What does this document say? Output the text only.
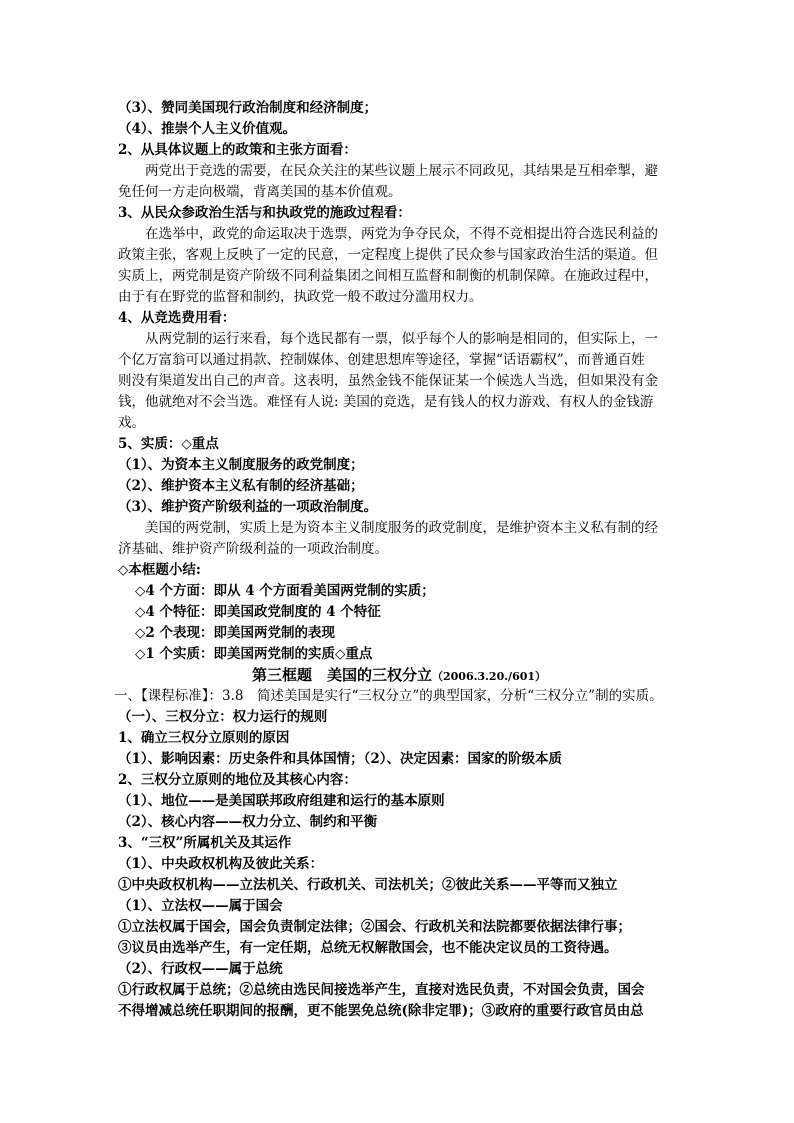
（3）、赞同美国现行政治制度和经济制度；
（4）、推崇个人主义价值观。
2、从具体议题上的政策和主张方面看：
两党出于竞选的需要，在民众关注的某些议题上展示不同政见，其结果是互相牵掣，避
免任何一方走向极端，背离美国的基本价值观。
3、从民众参政治生活与和执政党的施政过程看：
在选举中，政党的命运取决于选票，两党为争夺民众，不得不竞相提出符合选民利益的
政策主张，客观上反映了一定的民意，一定程度上提供了民众参与国家政治生活的渠道。但
实质上，两党制是资产阶级不同利益集团之间相互监督和制衡的机制保障。在施政过程中，
由于有在野党的监督和制约，执政党一般不敢过分滥用权力。
4、从竞选费用看：
从两党制的运行来看，每个选民都有一票，似乎每个人的影响是相同的，但实际上，一
个亿万富翁可以通过捐款、控制媒体、创建思想库等途径，掌握“话语霸权”，而普通百姓
则没有渠道发出自己的声音。这表明，虽然金钱不能保证某一个候选人当选，但如果没有金
钱，他就绝对不会当选。难怪有人说: 美国的竞选，是有钱人的权力游戏、有权人的金钱游
戏。
5、实质：◇重点
（1）、为资本主义制度服务的政党制度；
（2）、维护资本主义私有制的经济基础；
（3）、维护资产阶级利益的一项政治制度。
美国的两党制，实质上是为资本主义制度服务的政党制度，是维护资本主义私有制的经
济基础、维护资产阶级利益的一项政治制度。
◇本框题小结:
◇4 个方面：即从 4 个方面看美国两党制的实质；
◇4 个特征：即美国政党制度的 4 个特征
◇2 个表现：即美国两党制的表现
◇1 个实质：即美国两党制的实质◇重点
第三框题　美国的三权分立（2006.3.20./601）
一、【课程标准】：3.8　简述美国是实行“三权分立”的典型国家，分析“三权分立”制的实质。
（一）、三权分立：权力运行的规则
1、确立三权分立原则的原因
（1）、影响因素：历史条件和具体国情；（2）、决定因素：国家的阶级本质
2、三权分立原则的地位及其核心内容：
（1）、地位——是美国联邦政府组建和运行的基本原则
（2）、核心内容——权力分立、制约和平衡
3、“三权”所属机关及其运作
（1）、中央政权机构及彼此关系：
①中央政权机构——立法机关、行政机关、司法机关；②彼此关系——平等而又独立
（1）、立法权——属于国会
①立法权属于国会，国会负责制定法律；②国会、行政机关和法院都要依据法律行事；
③议员由选举产生，有一定任期，总统无权解散国会，也不能决定议员的工资待遇。
（2）、行政权——属于总统
①行政权属于总统；②总统由选民间接选举产生，直接对选民负责，不对国会负责，国会
不得增减总统任职期间的报酬，更不能罢免总统(除非定罪)；③政府的重要行政官员由总
